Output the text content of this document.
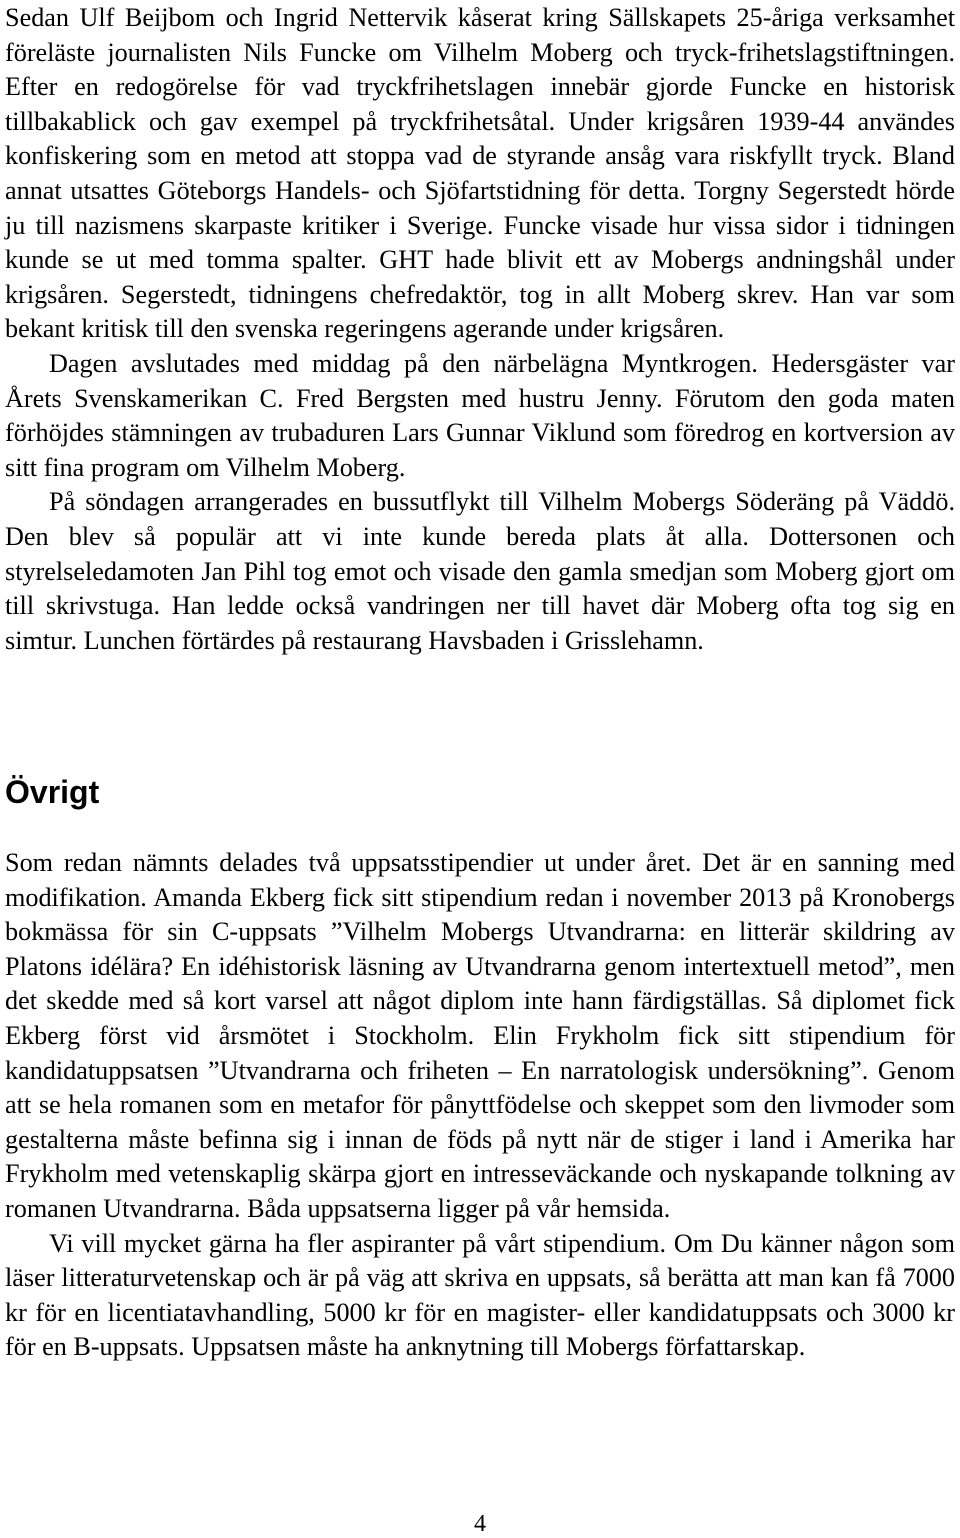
Sedan Ulf Beijbom och Ingrid Nettervik kåserat kring Sällskapets 25-åriga verksamhet föreläste journalisten Nils Funcke om Vilhelm Moberg och tryck-frihetslagstiftningen. Efter en redogörelse för vad tryckfrihetslagen innebär gjorde Funcke en historisk tillbakablick och gav exempel på tryckfrihetsåtal. Under krigsåren 1939-44 användes konfiskering som en metod att stoppa vad de styrande ansåg vara riskfyllt tryck. Bland annat utsattes Göteborgs Handels- och Sjöfartstidning för detta. Torgny Segerstedt hörde ju till nazismens skarpaste kritiker i Sverige. Funcke visade hur vissa sidor i tidningen kunde se ut med tomma spalter. GHT hade blivit ett av Mobergs andningshål under krigsåren. Segerstedt, tidningens chefredaktör, tog in allt Moberg skrev. Han var som bekant kritisk till den svenska regeringens agerande under krigsåren.

Dagen avslutades med middag på den närbelägna Myntkrogen. Hedersgäster var Årets Svenskamerikan C. Fred Bergsten med hustru Jenny. Förutom den goda maten förhöjdes stämningen av trubaduren Lars Gunnar Viklund som föredrog en kortversion av sitt fina program om Vilhelm Moberg.

På söndagen arrangerades en bussutflykt till Vilhelm Mobergs Söderäng på Väddö. Den blev så populär att vi inte kunde bereda plats åt alla. Dottersonen och styrelseledamoten Jan Pihl tog emot och visade den gamla smedjan som Moberg gjort om till skrivstuga. Han ledde också vandringen ner till havet där Moberg ofta tog sig en simtur. Lunchen förtärdes på restaurang Havsbaden i Grisslehamn.

Övrigt

Som redan nämnts delades två uppsatsstipendier ut under året. Det är en sanning med modifikation. Amanda Ekberg fick sitt stipendium redan i november 2013 på Kronobergs bokmässa för sin C-uppsats ”Vilhelm Mobergs Utvandrarna: en litterär skildring av Platons idélära? En idéhistorisk läsning av Utvandrarna genom intertextuell metod”, men det skedde med så kort varsel att något diplom inte hann färdigställas. Så diplomet fick Ekberg först vid årsmötet i Stockholm. Elin Frykholm fick sitt stipendium för kandidatuppsatsen ”Utvandrarna och friheten – En narratologisk undersökning”. Genom att se hela romanen som en metafor för pånyttfödelse och skeppet som den livmoder som gestalterna måste befinna sig i innan de föds på nytt när de stiger i land i Amerika har Frykholm med vetenskaplig skärpa gjort en intresseväckande och nyskapande tolkning av romanen Utvandrarna. Båda uppsatserna ligger på vår hemsida.

Vi vill mycket gärna ha fler aspiranter på vårt stipendium. Om Du känner någon som läser litteraturvetenskap och är på väg att skriva en uppsats, så berätta att man kan få 7000 kr för en licentiatavhandling, 5000 kr för en magister- eller kandidatuppsats och 3000 kr för en B-uppsats. Uppsatsen måste ha anknytning till Mobergs författarskap.

4
